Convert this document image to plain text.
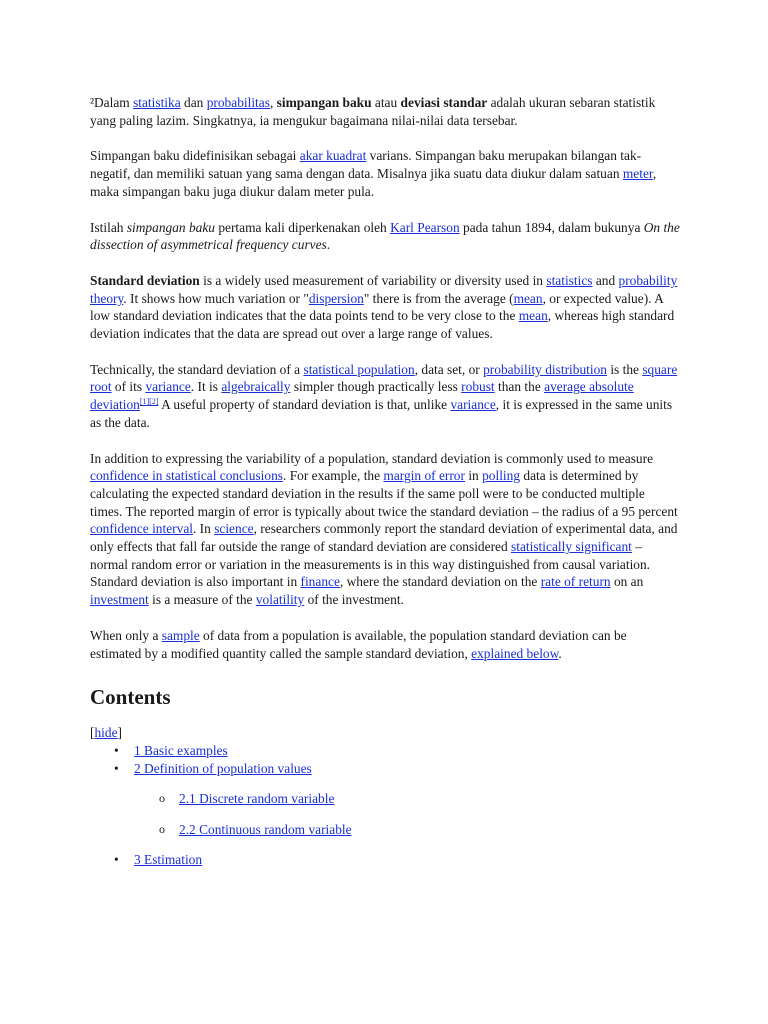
²Dalam statistika dan probabilitas, simpangan baku atau deviasi standar adalah ukuran sebaran statistik yang paling lazim. Singkatnya, ia mengukur bagaimana nilai-nilai data tersebar.

Simpangan baku didefinisikan sebagai akar kuadrat varians. Simpangan baku merupakan bilangan tak-negatif, dan memiliki satuan yang sama dengan data. Misalnya jika suatu data diukur dalam satuan meter, maka simpangan baku juga diukur dalam meter pula.

Istilah simpangan baku pertama kali diperkenakan oleh Karl Pearson pada tahun 1894, dalam bukunya On the dissection of asymmetrical frequency curves.

Standard deviation is a widely used measurement of variability or diversity used in statistics and probability theory. It shows how much variation or "dispersion" there is from the average (mean, or expected value). A low standard deviation indicates that the data points tend to be very close to the mean, whereas high standard deviation indicates that the data are spread out over a large range of values.

Technically, the standard deviation of a statistical population, data set, or probability distribution is the square root of its variance. It is algebraically simpler though practically less robust than the average absolute deviation[1][2] A useful property of standard deviation is that, unlike variance, it is expressed in the same units as the data.

In addition to expressing the variability of a population, standard deviation is commonly used to measure confidence in statistical conclusions. For example, the margin of error in polling data is determined by calculating the expected standard deviation in the results if the same poll were to be conducted multiple times. The reported margin of error is typically about twice the standard deviation – the radius of a 95 percent confidence interval. In science, researchers commonly report the standard deviation of experimental data, and only effects that fall far outside the range of standard deviation are considered statistically significant – normal random error or variation in the measurements is in this way distinguished from causal variation. Standard deviation is also important in finance, where the standard deviation on the rate of return on an investment is a measure of the volatility of the investment.

When only a sample of data from a population is available, the population standard deviation can be estimated by a modified quantity called the sample standard deviation, explained below.

Contents
[hide]
• 1 Basic examples
• 2 Definition of population values
o 2.1 Discrete random variable
o 2.2 Continuous random variable
• 3 Estimation
